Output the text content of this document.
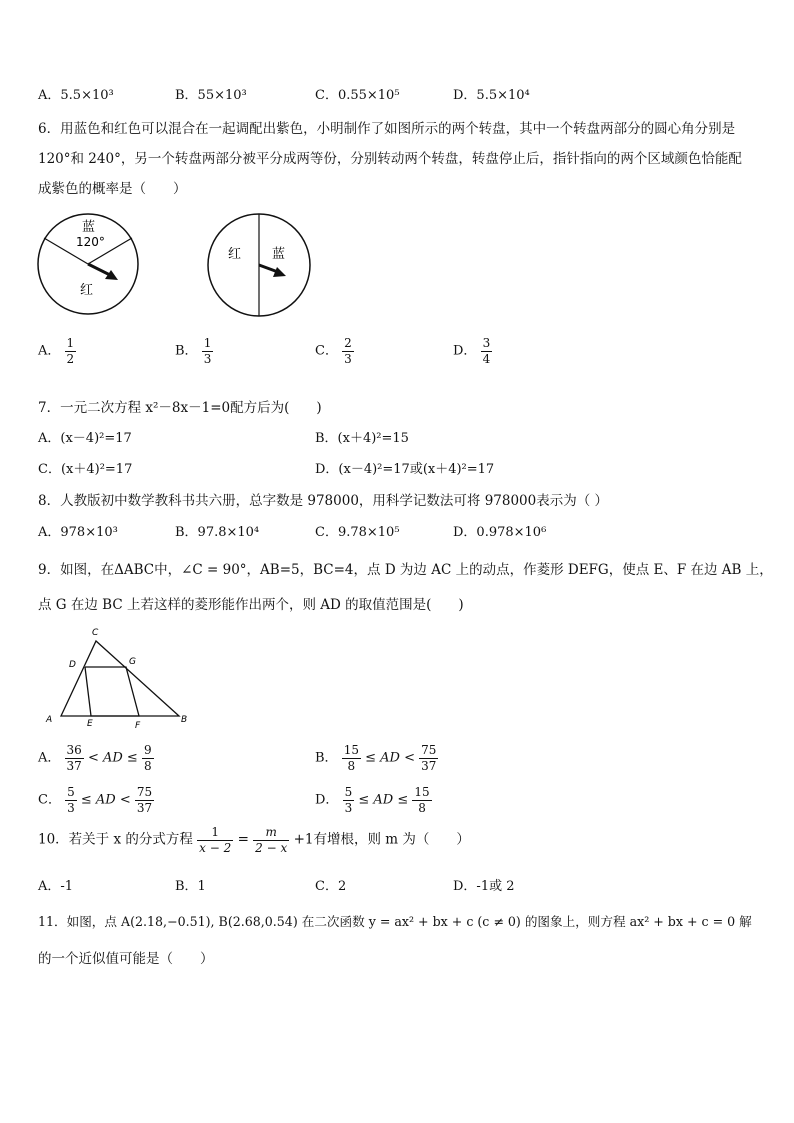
A．5.5×10³	B．55×10³	C．0.55×10⁵	D．5.5×10⁴
6．用蓝色和红色可以混合在一起调配出紫色，小明制作了如图所示的两个转盘，其中一个转盘两部分的圆心角分别是
120°和 240°，另一个转盘两部分被平分成两等份，分别转动两个转盘，转盘停止后，指针指向的两个区域颜色恰能配
成紫色的概率是（　　）
蓝
120°
红
红 蓝
A． $\frac{1}{2}$	B． $\frac{1}{3}$	C． $\frac{2}{3}$	D． $\frac{3}{4}$
7．一元二次方程 x²－8x－1=0配方后为(　　)
A．(x－4)²=17	B．(x＋4)²=15
C．(x＋4)²=17	D．(x－4)²=17或(x＋4)²=17
8．人教版初中数学教科书共六册，总字数是 978000，用科学记数法可将 978000表示为（ ）
A．978×10³	B．97.8×10⁴	C．9.78×10⁵	D．0.978×10⁶
9．如图，在ΔABC中，∠C = 90°，AB=5，BC=4，点 D 为边 AC 上的动点，作菱形 DEFG，使点 E、F 在边 AB 上，
点 G 在边 BC 上若这样的菱形能作出两个，则 AD 的取值范围是(　　)
C
D	G
A	E	F
B
A． $\frac{36}{37}$ < AD ≤ $\frac{9}{8}$	B． $\frac{15}{8}$ ≤ AD < $\frac{75}{37}$
C． $\frac{5}{3}$ ≤ AD < $\frac{75}{37}$	D． $\frac{5}{3}$ ≤ AD ≤ $\frac{15}{8}$
10．若关于 x 的分式方程 $\frac{1}{x - 2} = \frac{m}{2 - x} +1$有增根，则 m 为（　　）
A．-1	B．1	C．2	D．-1或 2
11．如图，点 A(2.18,−0.51), B(2.68,0.54) 在二次函数 y = ax² + bx + c (c ≠ 0) 的图象上，则方程 ax² + bx + c = 0 解
的一个近似值可能是（　　）
